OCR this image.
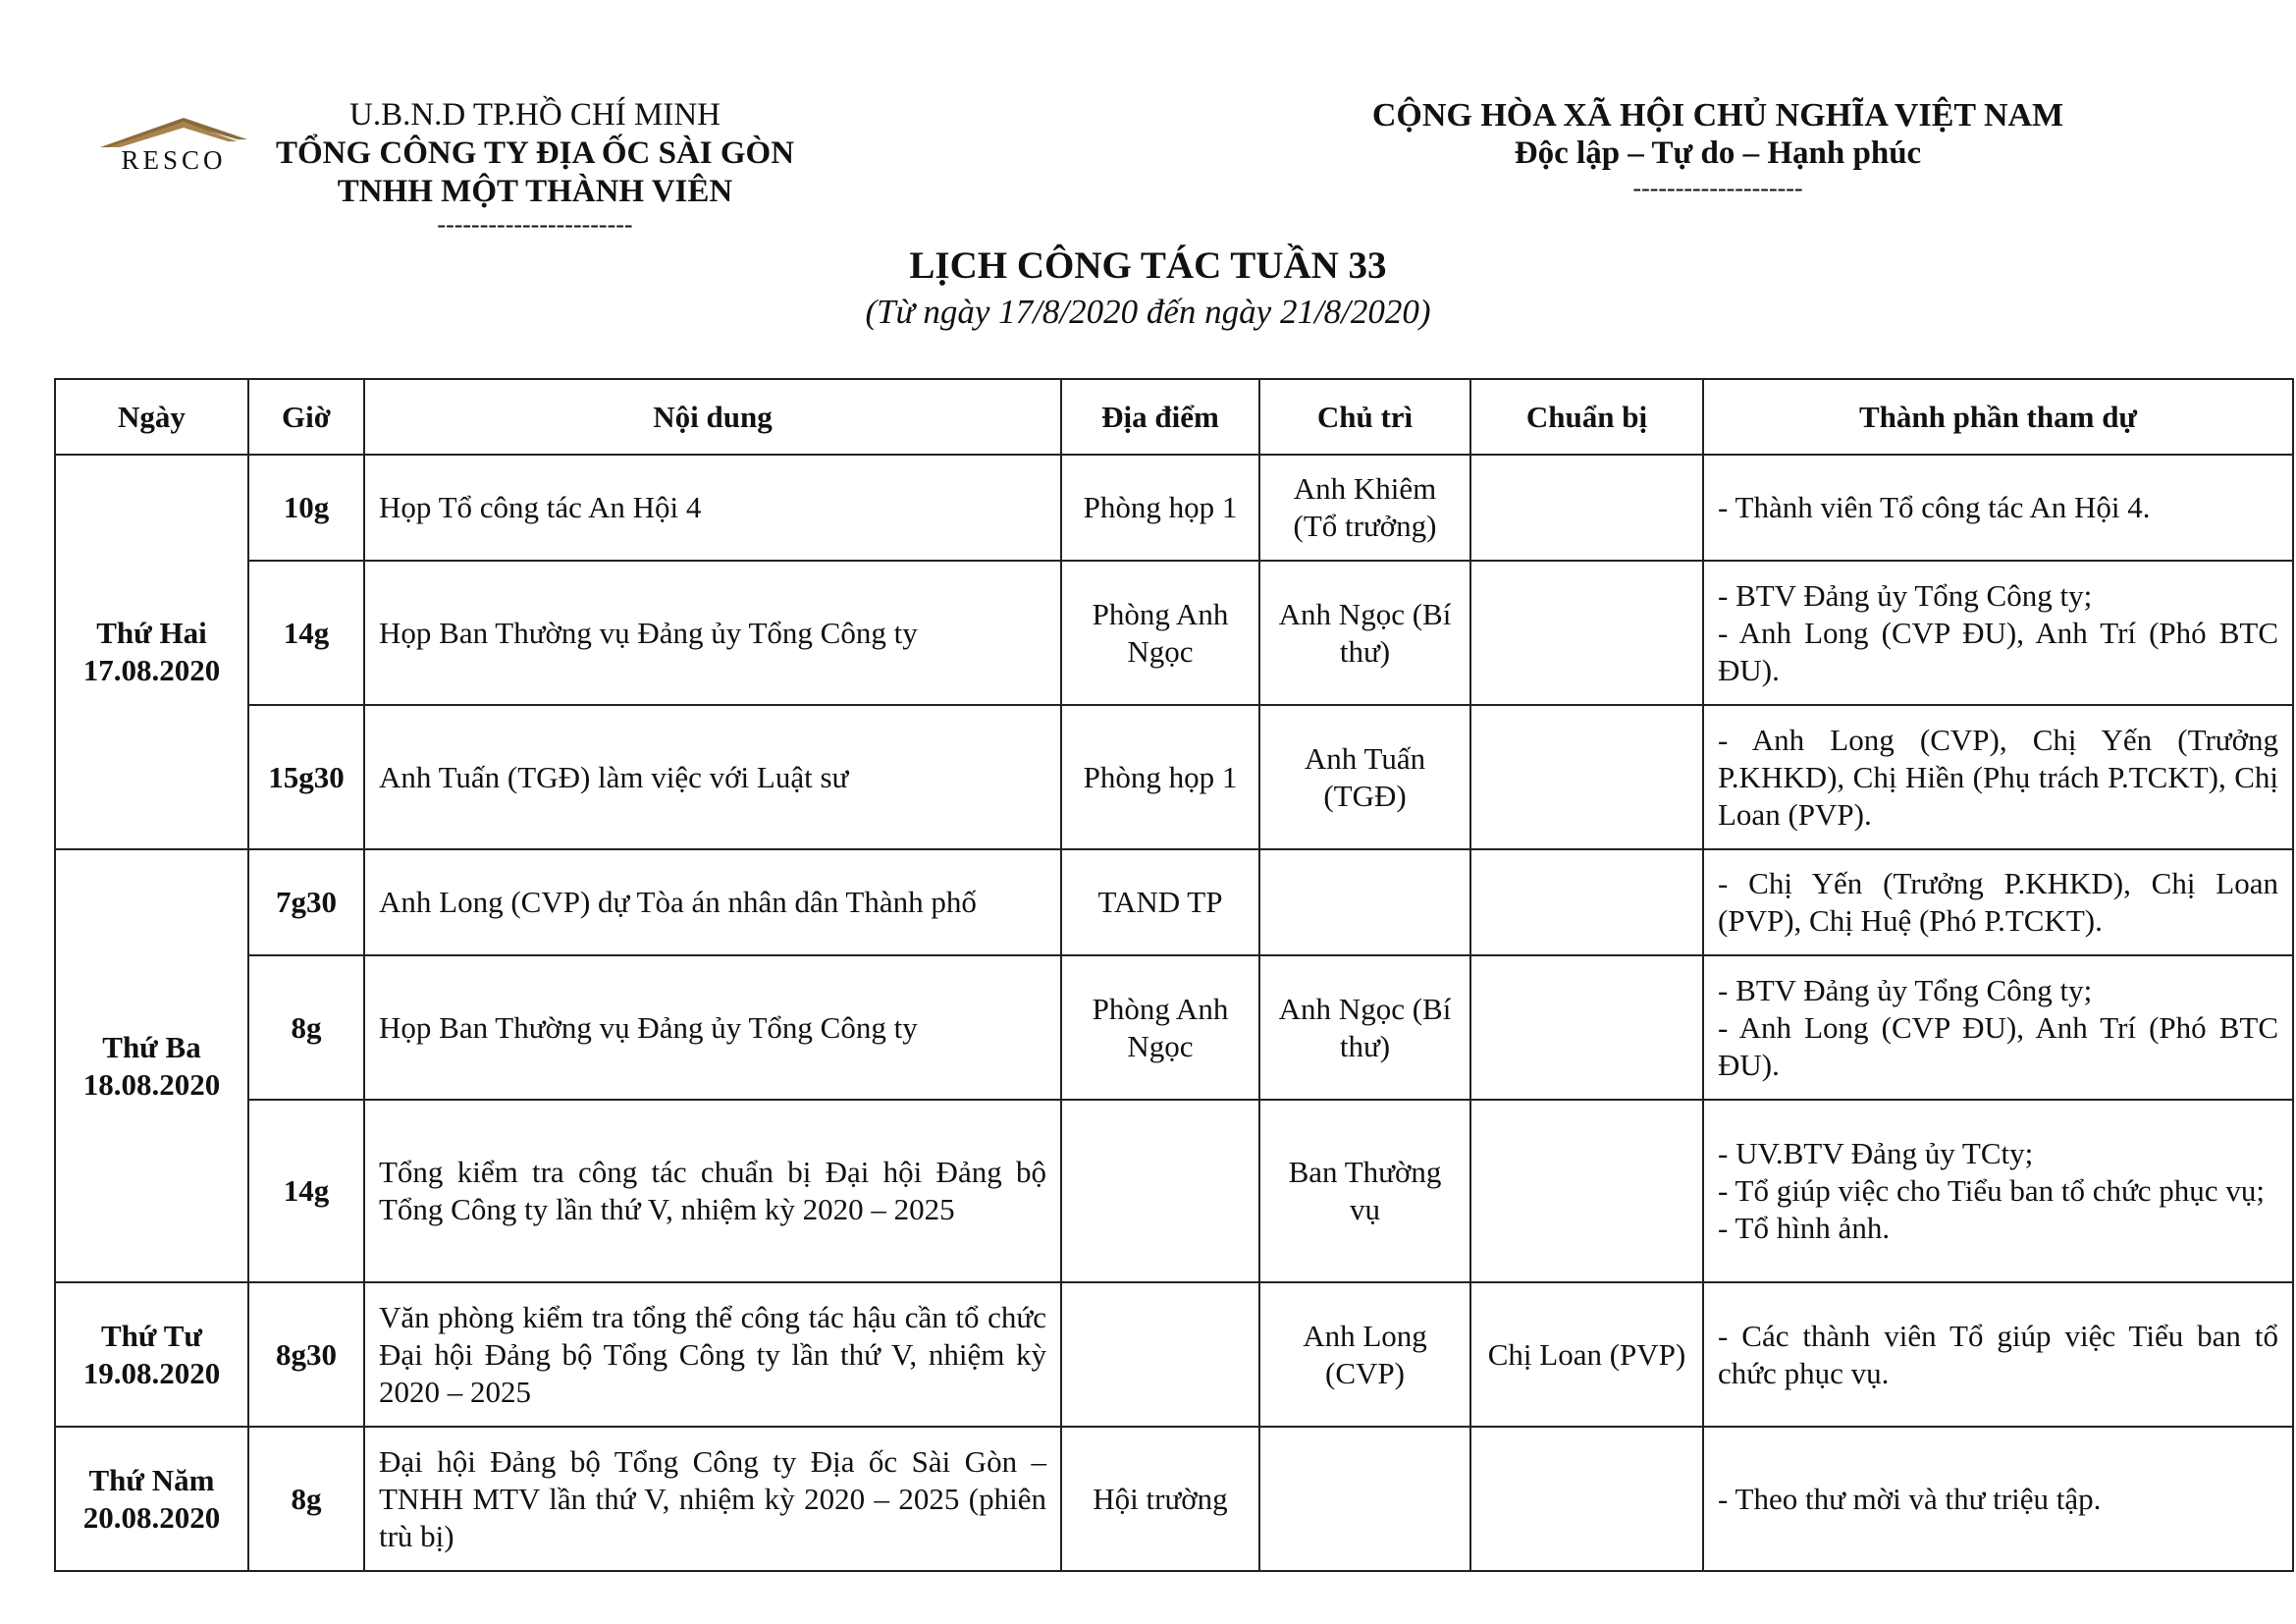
RESCO
U.B.N.D TP.HỒ CHÍ MINH
TỔNG CÔNG TY ĐỊA ỐC SÀI GÒN
TNHH MỘT THÀNH VIÊN
-----------------------
CỘNG HÒA XÃ HỘI CHỦ NGHĨA VIỆT NAM
Độc lập – Tự do – Hạnh phúc
--------------------
LỊCH CÔNG TÁC TUẦN 33
(Từ ngày 17/8/2020 đến ngày 21/8/2020)
Ngày	Giờ	Nội dung	Địa điểm	Chủ trì	Chuẩn bị	Thành phần tham dự

Thứ Hai
17.08.2020	10g	Họp Tổ công tác An Hội 4	Phòng họp 1	Anh Khiêm (Tổ trưởng)		- Thành viên Tổ công tác An Hội 4.

	14g	Họp Ban Thường vụ Đảng ủy Tổng Công ty	Phòng Anh Ngọc	Anh Ngọc (Bí thư)		- BTV Đảng ủy Tổng Công ty;
- Anh Long (CVP ĐU), Anh Trí (Phó BTC ĐU).

	15g30	Anh Tuấn (TGĐ) làm việc với Luật sư	Phòng họp 1	Anh Tuấn (TGĐ)		- Anh Long (CVP), Chị Yến (Trưởng P.KHKD), Chị Hiền (Phụ trách P.TCKT), Chị Loan (PVP).

Thứ Ba
18.08.2020	7g30	Anh Long (CVP) dự Tòa án nhân dân Thành phố	TAND TP			- Chị Yến (Trưởng P.KHKD), Chị Loan (PVP), Chị Huệ (Phó P.TCKT).

	8g	Họp Ban Thường vụ Đảng ủy Tổng Công ty	Phòng Anh Ngọc	Anh Ngọc (Bí thư)		- BTV Đảng ủy Tổng Công ty;
- Anh Long (CVP ĐU), Anh Trí (Phó BTC ĐU).

	14g	Tổng kiểm tra công tác chuẩn bị Đại hội Đảng bộ Tổng Công ty lần thứ V, nhiệm kỳ 2020 – 2025		Ban Thường vụ		- UV.BTV Đảng ủy TCty;
- Tổ giúp việc cho Tiểu ban tổ chức phục vụ;
- Tổ hình ảnh.

Thứ Tư
19.08.2020	8g30	Văn phòng kiểm tra tổng thể công tác hậu cần tổ chức Đại hội Đảng bộ Tổng Công ty lần thứ V, nhiệm kỳ 2020 – 2025		Anh Long (CVP)	Chị Loan (PVP)	- Các thành viên Tổ giúp việc Tiểu ban tổ chức phục vụ.

Thứ Năm
20.08.2020	8g	Đại hội Đảng bộ Tổng Công ty Địa ốc Sài Gòn – TNHH MTV lần thứ V, nhiệm kỳ 2020 – 2025 (phiên trù bị)	Hội trường			- Theo thư mời và thư triệu tập.
